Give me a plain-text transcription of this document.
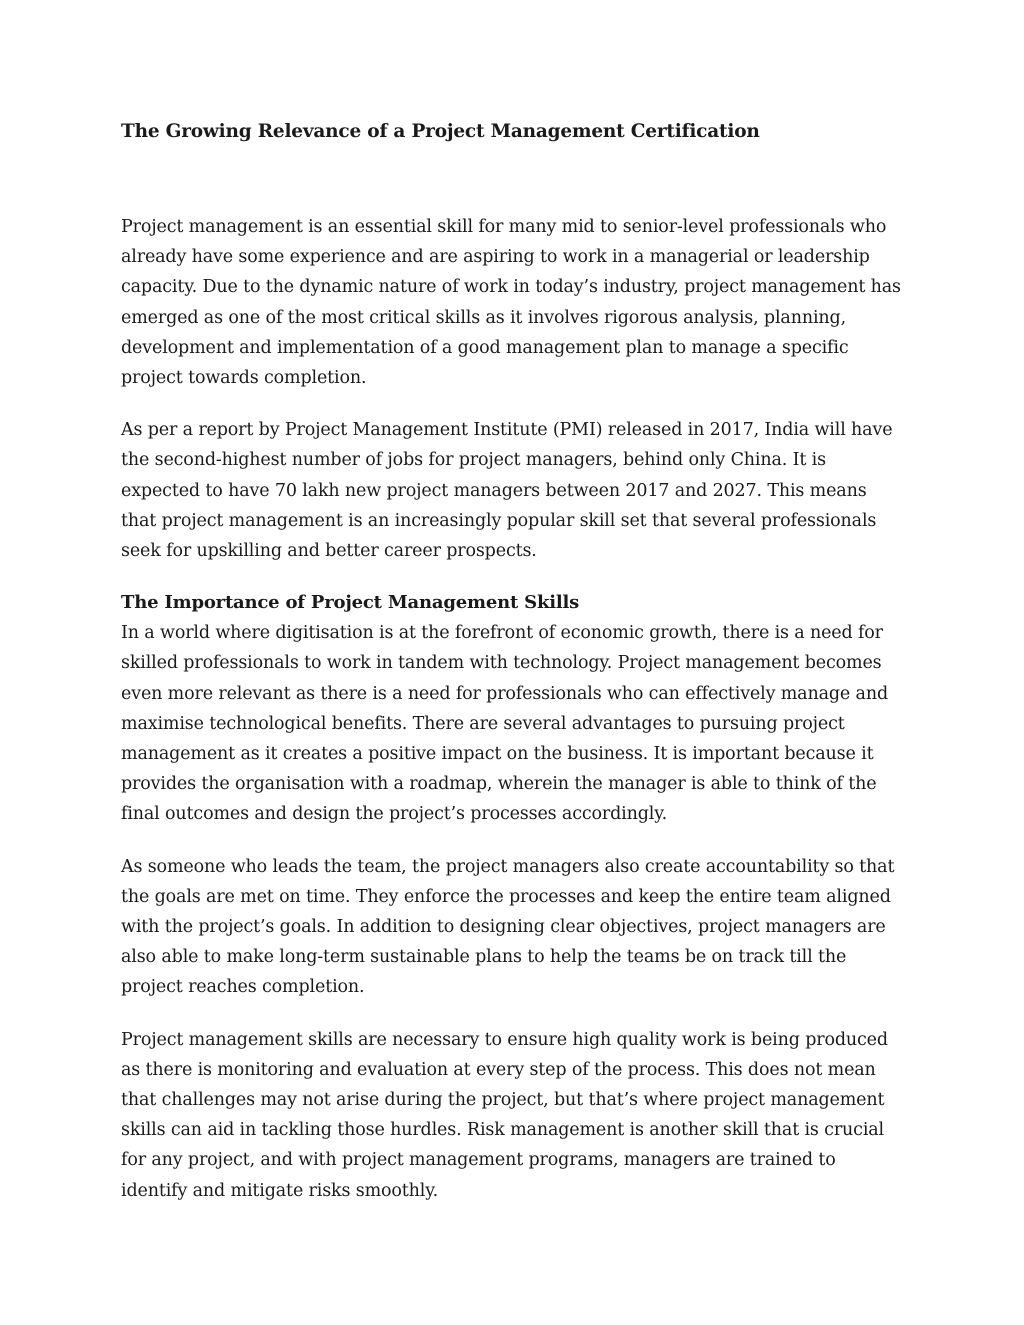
The Growing Relevance of a Project Management Certification

Project management is an essential skill for many mid to senior-level professionals who already have some experience and are aspiring to work in a managerial or leadership capacity. Due to the dynamic nature of work in today’s industry, project management has emerged as one of the most critical skills as it involves rigorous analysis, planning, development and implementation of a good management plan to manage a specific project towards completion.

As per a report by Project Management Institute (PMI) released in 2017, India will have the second-highest number of jobs for project managers, behind only China. It is expected to have 70 lakh new project managers between 2017 and 2027. This means that project management is an increasingly popular skill set that several professionals seek for upskilling and better career prospects.

The Importance of Project Management Skills

In a world where digitisation is at the forefront of economic growth, there is a need for skilled professionals to work in tandem with technology. Project management becomes even more relevant as there is a need for professionals who can effectively manage and maximise technological benefits. There are several advantages to pursuing project management as it creates a positive impact on the business. It is important because it provides the organisation with a roadmap, wherein the manager is able to think of the final outcomes and design the project’s processes accordingly.

As someone who leads the team, the project managers also create accountability so that the goals are met on time. They enforce the processes and keep the entire team aligned with the project’s goals. In addition to designing clear objectives, project managers are also able to make long-term sustainable plans to help the teams be on track till the project reaches completion.

Project management skills are necessary to ensure high quality work is being produced as there is monitoring and evaluation at every step of the process. This does not mean that challenges may not arise during the project, but that’s where project management skills can aid in tackling those hurdles. Risk management is another skill that is crucial for any project, and with project management programs, managers are trained to identify and mitigate risks smoothly.
